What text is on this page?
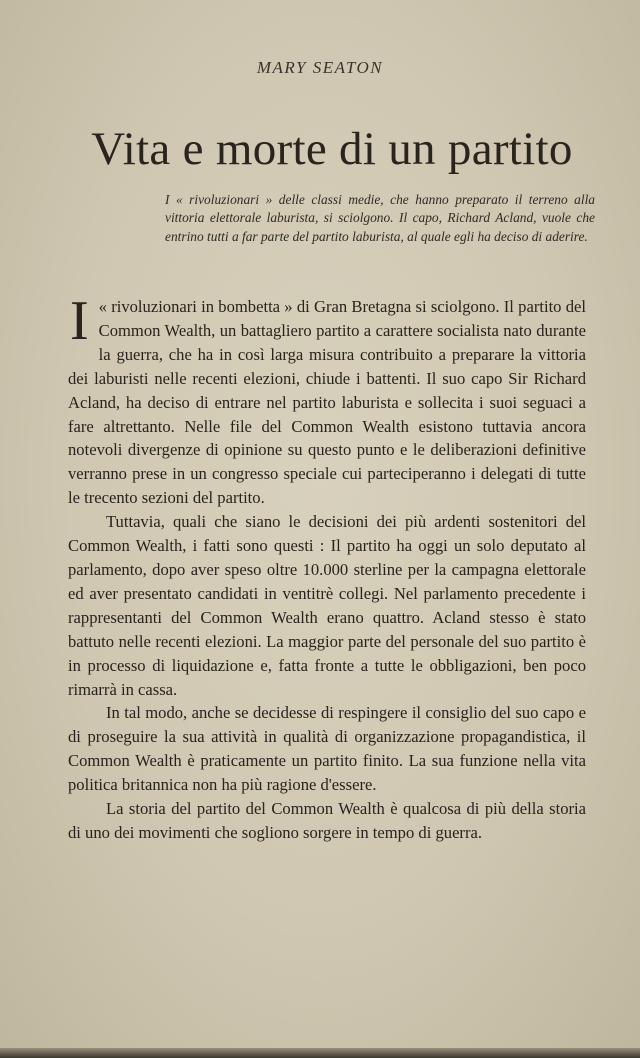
MARY SEATON
Vita e morte di un partito

I « rivoluzionari » delle classi medie, che hanno preparato il terreno alla vittoria elettorale laburista, si sciolgono. Il capo, Richard Acland, vuole che entrino tutti a far parte del partito laburista, al quale egli ha deciso di aderire.

I « rivoluzionari in bombetta » di Gran Bretagna si sciolgono. Il partito del Common Wealth, un battagliero partito a carattere socialista nato durante la guerra, che ha in così larga misura contribuito a preparare la vittoria dei laburisti nelle recenti elezioni, chiude i battenti. Il suo capo Sir Richard Acland, ha deciso di entrare nel partito laburista e sollecita i suoi seguaci a fare altrettanto. Nelle file del Common Wealth esistono tuttavia ancora notevoli divergenze di opinione su questo punto e le deliberazioni definitive verranno prese in un congresso speciale cui parteciperanno i delegati di tutte le trecento sezioni del partito.

Tuttavia, quali che siano le decisioni dei più ardenti sostenitori del Common Wealth, i fatti sono questi : Il partito ha oggi un solo deputato al parlamento, dopo aver speso oltre 10.000 sterline per la campagna elettorale ed aver presentato candidati in ventitrè collegi. Nel parlamento precedente i rappresentanti del Common Wealth erano quattro. Acland stesso è stato battuto nelle recenti elezioni. La maggior parte del personale del suo partito è in processo di liquidazione e, fatta fronte a tutte le obbligazioni, ben poco rimarrà in cassa.

In tal modo, anche se decidesse di respingere il consiglio del suo capo e di proseguire la sua attività in qualità di organizzazione propagandistica, il Common Wealth è praticamente un partito finito. La sua funzione nella vita politica britannica non ha più ragione d'essere.

La storia del partito del Common Wealth è qualcosa di più della storia di uno dei movimenti che sogliono sorgere in tempo di guerra.
